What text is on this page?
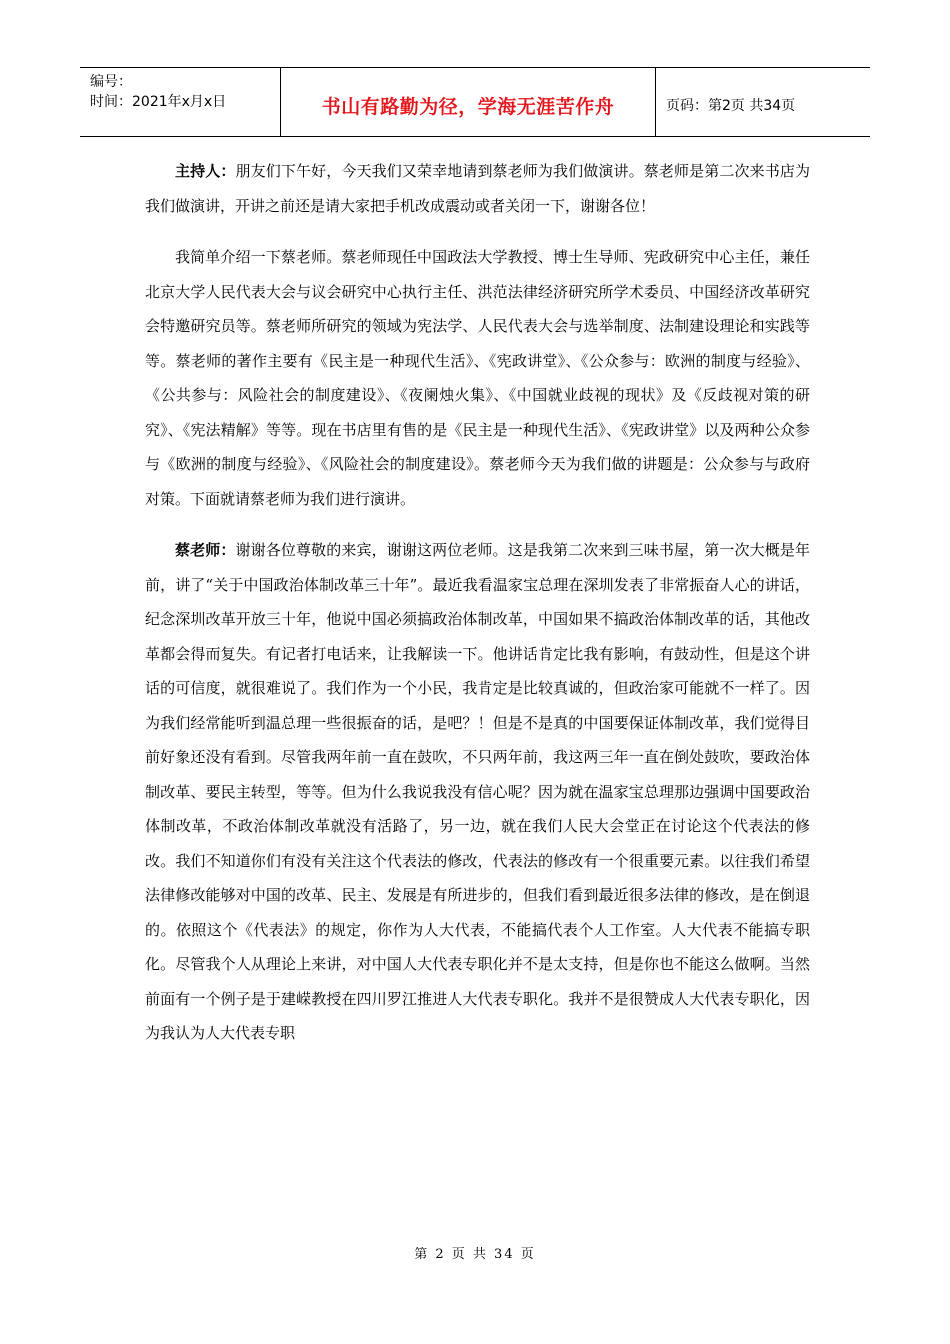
编号：
时间：2021年x月x日	书山有路勤为径，学海无涯苦作舟	页码：第2页 共34页

主持人：朋友们下午好，今天我们又荣幸地请到蔡老师为我们做演讲。蔡老师是第二次来书店为我们做演讲，开讲之前还是请大家把手机改成震动或者关闭一下，谢谢各位！

我简单介绍一下蔡老师。蔡老师现任中国政法大学教授、博士生导师、宪政研究中心主任，兼任北京大学人民代表大会与议会研究中心执行主任、洪范法律经济研究所学术委员、中国经济改革研究会特邀研究员等。蔡老师所研究的领域为宪法学、人民代表大会与选举制度、法制建设理论和实践等等。蔡老师的著作主要有《民主是一种现代生活》、《宪政讲堂》、《公众参与：欧洲的制度与经验》、《公共参与：风险社会的制度建设》、《夜阑烛火集》、《中国就业歧视的现状》及《反歧视对策的研究》、《宪法精解》等等。现在书店里有售的是《民主是一种现代生活》、《宪政讲堂》以及两种公众参与《欧洲的制度与经验》、《风险社会的制度建设》。蔡老师今天为我们做的讲题是：公众参与与政府对策。下面就请蔡老师为我们进行演讲。

蔡老师：谢谢各位尊敬的来宾，谢谢这两位老师。这是我第二次来到三味书屋，第一次大概是年前，讲了“关于中国政治体制改革三十年”。最近我看温家宝总理在深圳发表了非常振奋人心的讲话，纪念深圳改革开放三十年，他说中国必须搞政治体制改革，中国如果不搞政治体制改革的话，其他改革都会得而复失。有记者打电话来，让我解读一下。他讲话肯定比我有影响，有鼓动性，但是这个讲话的可信度，就很难说了。我们作为一个小民，我肯定是比较真诚的，但政治家可能就不一样了。因为我们经常能听到温总理一些很振奋的话，是吧？！但是不是真的中国要保证体制改革，我们觉得目前好象还没有看到。尽管我两年前一直在鼓吹，不只两年前，我这两三年一直在倒处鼓吹，要政治体制改革、要民主转型，等等。但为什么我说我没有信心呢？因为就在温家宝总理那边强调中国要政治体制改革，不政治体制改革就没有活路了，另一边，就在我们人民大会堂正在讨论这个代表法的修改。我们不知道你们有没有关注这个代表法的修改，代表法的修改有一个很重要元素。以往我们希望法律修改能够对中国的改革、民主、发展是有所进步的，但我们看到最近很多法律的修改，是在倒退的。依照这个《代表法》的规定，你作为人大代表，不能搞代表个人工作室。人大代表不能搞专职化。尽管我个人从理论上来讲，对中国人大代表专职化并不是太支持，但是你也不能这么做啊。当然前面有一个例子是于建嵘教授在四川罗江推进人大代表专职化。我并不是很赞成人大代表专职化，因为我认为人大代表专职

第 2 页 共 34 页
